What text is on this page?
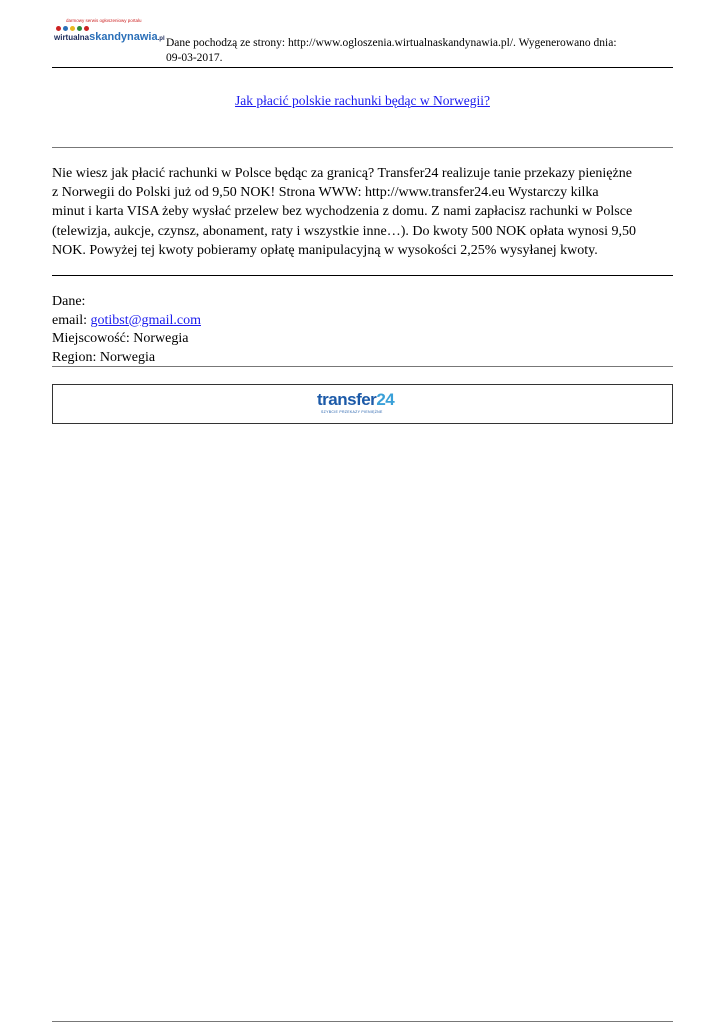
darmowy serwis ogłoszeniowy portalu
wirtualnaskandynawia.pl Dane pochodzą ze strony: http://www.ogloszenia.wirtualnaskandynawia.pl/. Wygenerowano dnia:
09-03-2017.
Jak płacić polskie rachunki będąc w Norwegii?
Nie wiesz jak płacić rachunki w Polsce będąc za granicą? Transfer24 realizuje tanie przekazy pieniężne
z Norwegii do Polski już od 9,50 NOK! Strona WWW: http://www.transfer24.eu Wystarczy kilka
minut i karta VISA żeby wysłać przelew bez wychodzenia z domu. Z nami zapłacisz rachunki w Polsce
(telewizja, aukcje, czynsz, abonament, raty i wszystkie inne…). Do kwoty 500 NOK opłata wynosi 9,50
NOK. Powyżej tej kwoty pobieramy opłatę manipulacyjną w wysokości 2,25% wysyłanej kwoty.
Dane:
email: gotibst@gmail.com
Miejscowość: Norwegia
Region: Norwegia
transfer24
SZYBCIE PRZEKAZY PIENIĘŻNE
